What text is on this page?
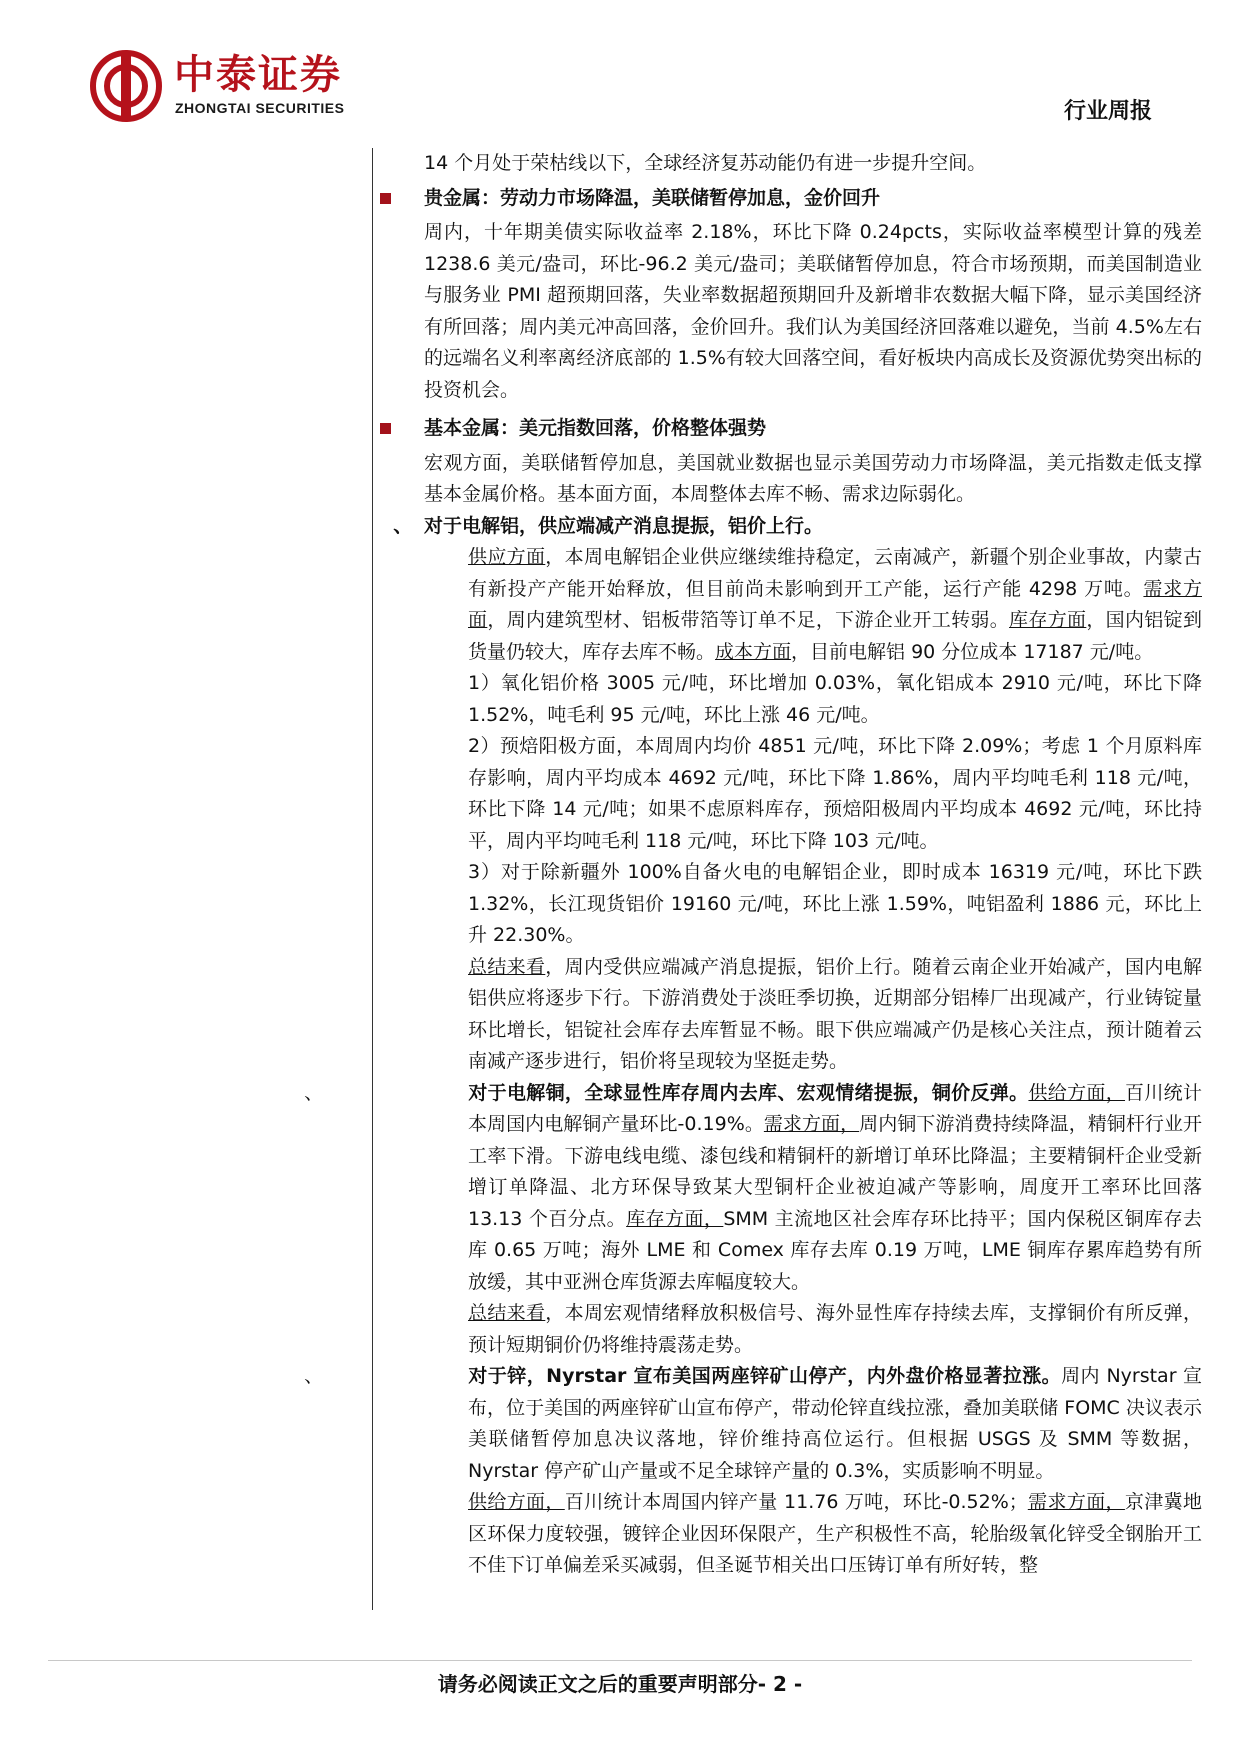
中泰证券
ZHONGTAI SECURITIES	行业周报

14 个月处于荣枯线以下，全球经济复苏动能仍有进一步提升空间。

贵金属：劳动力市场降温，美联储暂停加息，金价回升

周内，十年期美债实际收益率 2.18%，环比下降 0.24pcts，实际收益率模型计算的残差 1238.6 美元/盎司，环比-96.2 美元/盎司；美联储暂停加息，符合市场预期，而美国制造业与服务业 PMI 超预期回落，失业率数据超预期回升及新增非农数据大幅下降，显示美国经济有所回落；周内美元冲高回落，金价回升。我们认为美国经济回落难以避免，当前 4.5%左右的远端名义利率离经济底部的 1.5%有较大回落空间，看好板块内高成长及资源优势突出标的投资机会。

基本金属：美元指数回落，价格整体强势

宏观方面，美联储暂停加息，美国就业数据也显示美国劳动力市场降温，美元指数走低支撑基本金属价格。基本面方面，本周整体去库不畅、需求边际弱化。

、 对于电解铝，供应端减产消息提振，铝价上行。

供应方面，本周电解铝企业供应继续维持稳定，云南减产，新疆个别企业事故，内蒙古有新投产产能开始释放，但目前尚未影响到开工产能，运行产能 4298 万吨。需求方面，周内建筑型材、铝板带箔等订单不足，下游企业开工转弱。库存方面，国内铝锭到货量仍较大，库存去库不畅。成本方面，目前电解铝 90 分位成本 17187 元/吨。

1）氧化铝价格 3005 元/吨，环比增加 0.03%，氧化铝成本 2910 元/吨，环比下降 1.52%，吨毛利 95 元/吨，环比上涨 46 元/吨。

2）预焙阳极方面，本周周内均价 4851 元/吨，环比下降 2.09%；考虑 1 个月原料库存影响，周内平均成本 4692 元/吨，环比下降 1.86%，周内平均吨毛利 118 元/吨，环比下降 14 元/吨；如果不虑原料库存，预焙阳极周内平均成本 4692 元/吨，环比持平，周内平均吨毛利 118 元/吨，环比下降 103 元/吨。

3）对于除新疆外 100%自备火电的电解铝企业，即时成本 16319 元/吨，环比下跌 1.32%，长江现货铝价 19160 元/吨，环比上涨 1.59%，吨铝盈利 1886 元，环比上升 22.30%。

总结来看，周内受供应端减产消息提振，铝价上行。随着云南企业开始减产，国内电解铝供应将逐步下行。下游消费处于淡旺季切换，近期部分铝棒厂出现减产，行业铸锭量环比增长，铝锭社会库存去库暂显不畅。眼下供应端减产仍是核心关注点，预计随着云南减产逐步进行，铝价将呈现较为坚挺走势。

、	对于电解铜，全球显性库存周内去库、宏观情绪提振，铜价反弹。供给方面，百川统计本周国内电解铜产量环比-0.19%。需求方面，周内铜下游消费持续降温，精铜杆行业开工率下滑。下游电线电缆、漆包线和精铜杆的新增订单环比降温；主要精铜杆企业受新增订单降温、北方环保导致某大型铜杆企业被迫减产等影响，周度开工率环比回落 13.13 个百分点。库存方面，SMM 主流地区社会库存环比持平；国内保税区铜库存去库 0.65 万吨；海外 LME 和 Comex 库存去库 0.19 万吨，LME 铜库存累库趋势有所放缓，其中亚洲仓库货源去库幅度较大。

总结来看，本周宏观情绪释放积极信号、海外显性库存持续去库，支撑铜价有所反弹，预计短期铜价仍将维持震荡走势。

、	对于锌，Nyrstar 宣布美国两座锌矿山停产，内外盘价格显著拉涨。周内 Nyrstar 宣布，位于美国的两座锌矿山宣布停产，带动伦锌直线拉涨，叠加美联储 FOMC 决议表示美联储暂停加息决议落地，锌价维持高位运行。但根据 USGS 及 SMM 等数据，Nyrstar 停产矿山产量或不足全球锌产量的 0.3%，实质影响不明显。

供给方面，百川统计本周国内锌产量 11.76 万吨，环比-0.52%；需求方面，京津冀地区环保力度较强，镀锌企业因环保限产，生产积极性不高，轮胎级氧化锌受全钢胎开工不佳下订单偏差采买减弱，但圣诞节相关出口压铸订单有所好转，整

请务必阅读正文之后的重要声明部分- 2 -
